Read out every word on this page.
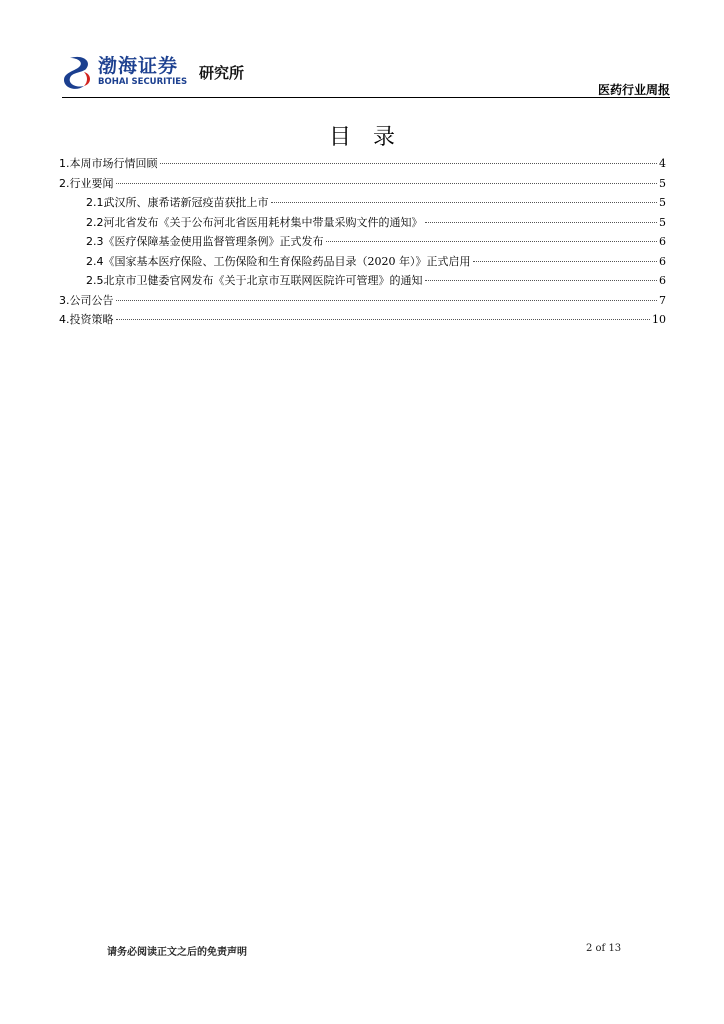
渤海证券
BOHAI SECURITIES 研究所
医药行业周报
目录
1. 本周市场行情回顾	4
2. 行业要闻	5
2.1 武汉所、康希诺新冠疫苗获批上市	5
2.2 河北省发布《关于公布河北省医用耗材集中带量采购文件的通知》	5
2.3 《医疗保障基金使用监督管理条例》正式发布	6
2.4 《国家基本医疗保险、工伤保险和生育保险药品目录（2020 年）》正式启用	6
2.5 北京市卫健委官网发布《关于北京市互联网医院许可管理》的通知	6
3. 公司公告	7
4. 投资策略	10
请务必阅读正文之后的免责声明	2 of 13
